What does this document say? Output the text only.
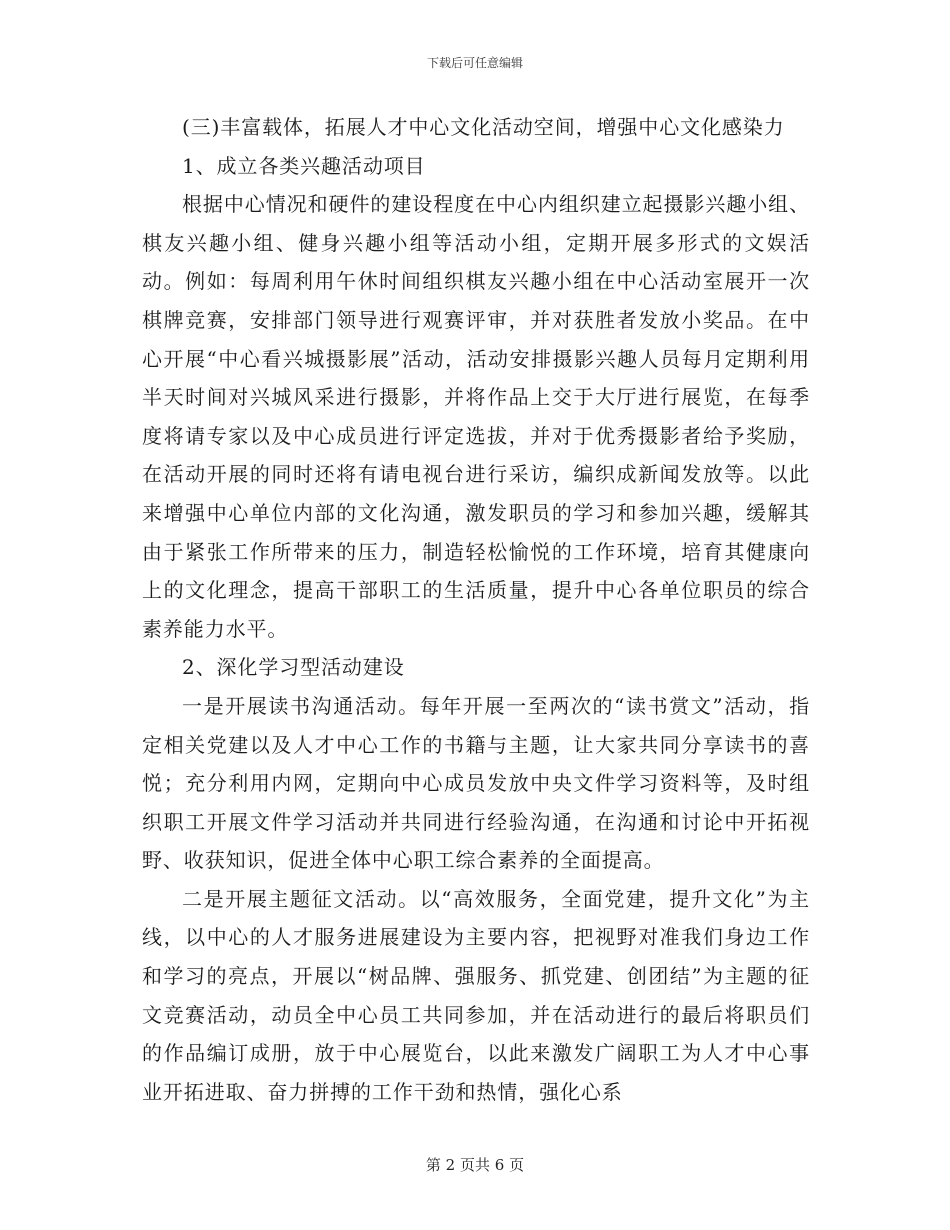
下载后可任意编辑

(三)丰富载体，拓展人才中心文化活动空间，增强中心文化感染力

1、成立各类兴趣活动项目

根据中心情况和硬件的建设程度在中心内组织建立起摄影兴趣小组、棋友兴趣小组、健身兴趣小组等活动小组，定期开展多形式的文娱活动。例如：每周利用午休时间组织棋友兴趣小组在中心活动室展开一次棋牌竞赛，安排部门领导进行观赛评审，并对获胜者发放小奖品。在中心开展“中心看兴城摄影展”活动，活动安排摄影兴趣人员每月定期利用半天时间对兴城风采进行摄影，并将作品上交于大厅进行展览，在每季度将请专家以及中心成员进行评定选拔，并对于优秀摄影者给予奖励，在活动开展的同时还将有请电视台进行采访，编织成新闻发放等。以此来增强中心单位内部的文化沟通，激发职员的学习和参加兴趣，缓解其由于紧张工作所带来的压力，制造轻松愉悦的工作环境，培育其健康向上的文化理念，提高干部职工的生活质量，提升中心各单位职员的综合素养能力水平。

2、深化学习型活动建设

一是开展读书沟通活动。每年开展一至两次的“读书赏文”活动，指定相关党建以及人才中心工作的书籍与主题，让大家共同分享读书的喜悦；充分利用内网，定期向中心成员发放中央文件学习资料等，及时组织职工开展文件学习活动并共同进行经验沟通，在沟通和讨论中开拓视野、收获知识，促进全体中心职工综合素养的全面提高。

二是开展主题征文活动。以“高效服务，全面党建，提升文化”为主线，以中心的人才服务进展建设为主要内容，把视野对准我们身边工作和学习的亮点，开展以“树品牌、强服务、抓党建、创团结”为主题的征文竞赛活动，动员全中心员工共同参加，并在活动进行的最后将职员们的作品编订成册，放于中心展览台，以此来激发广阔职工为人才中心事业开拓进取、奋力拼搏的工作干劲和热情，强化心系

第 2 页共 6 页
